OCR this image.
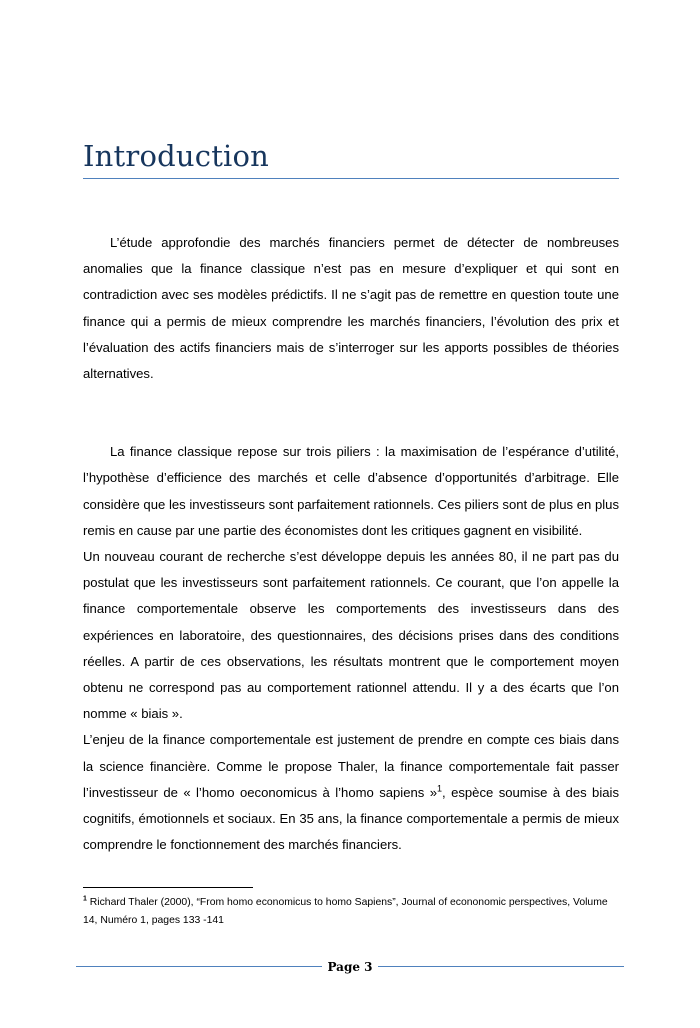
Introduction

L’étude approfondie des marchés financiers permet de détecter de nombreuses anomalies que la finance classique n’est pas en mesure d’expliquer et qui sont en contradiction avec ses modèles prédictifs. Il ne s’agit pas de remettre en question toute une finance qui a permis de mieux comprendre les marchés financiers, l’évolution des prix et l’évaluation des actifs financiers mais de s’interroger sur les apports possibles de théories alternatives.

La finance classique repose sur trois piliers : la maximisation de l’espérance d’utilité, l’hypothèse d’efficience des marchés et celle d’absence d’opportunités d’arbitrage. Elle considère que les investisseurs sont parfaitement rationnels. Ces piliers sont de plus en plus remis en cause par une partie des économistes dont les critiques gagnent en visibilité.

Un nouveau courant de recherche s’est développe depuis les années 80, il ne part pas du postulat que les investisseurs sont parfaitement rationnels. Ce courant, que l’on appelle la finance comportementale observe les comportements des investisseurs dans des expériences en laboratoire, des questionnaires, des décisions prises dans des conditions réelles. A partir de ces observations, les résultats montrent que le comportement moyen obtenu ne correspond pas au comportement rationnel attendu. Il y a des écarts que l’on nomme « biais ».

L’enjeu de la finance comportementale est justement de prendre en compte ces biais dans la science financière. Comme le propose Thaler, la finance comportementale fait passer l’investisseur de « l’homo oeconomicus à l’homo sapiens »$^1$, espèce soumise à des biais cognitifs, émotionnels et sociaux. En 35 ans, la finance comportementale a permis de mieux comprendre le fonctionnement des marchés financiers.

$^1$ Richard Thaler (2000), “From homo economicus to homo Sapiens”, Journal of econonomic perspectives, Volume 14, Numéro 1, pages 133 -141
Page 3
